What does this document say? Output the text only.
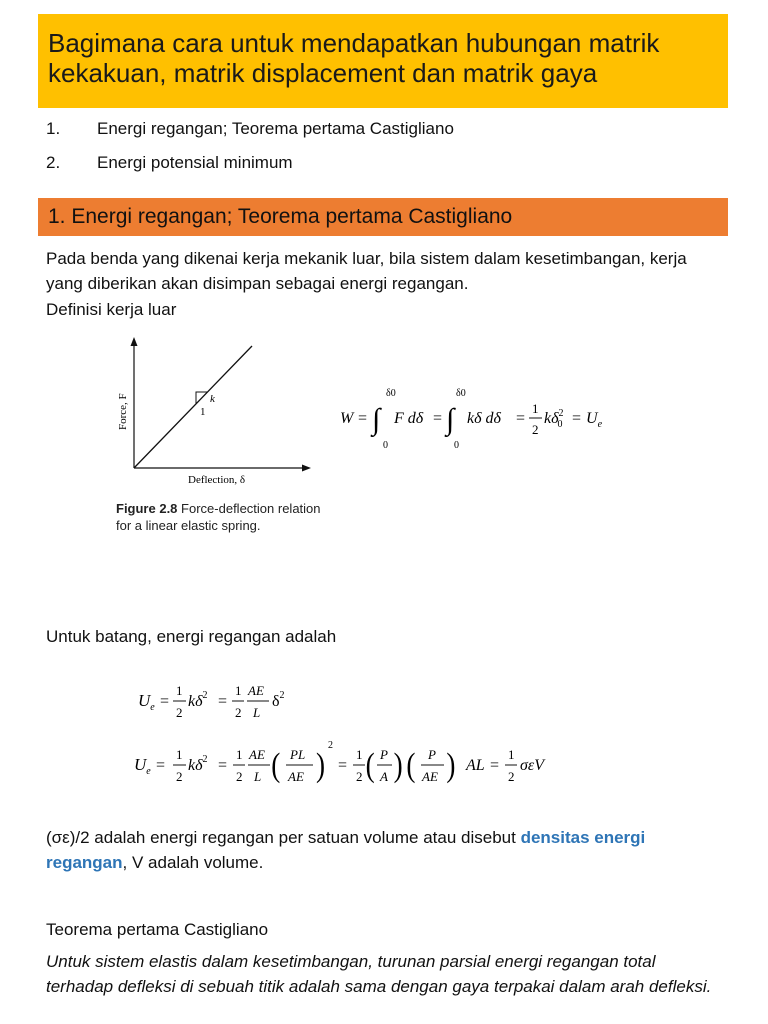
Bagimana cara untuk mendapatkan hubungan matrik kekakuan, matrik displacement dan matrik gaya
1. Energi regangan; Teorema pertama Castigliano
2. Energi potensial minimum
1. Energi regangan; Teorema pertama Castigliano
Pada benda yang dikenai kerja mekanik luar, bila sistem dalam kesetimbangan, kerja yang diberikan akan disimpan sebagai energi regangan.
Definisi kerja luar
k
1
Force, F
Deflection, δ
Figure 2.8 Force-deflection relation for a linear elastic spring.
W = ∫
δ0
0
F dδ = ∫
δ0
0
kδ dδ =
1
2
$k\delta^2$ $0 = U_e$
Untuk batang, energi regangan adalah
$U_e$ =
1
2
$k\delta^2$ =
1
2
AE
L
$\delta^2$
$U_e$ =
1
2
$k\delta^2$ =
1
2
AE
L ( PL
AE )
2
=
1
2 ( P
A ) ( P
AE ) AL =
1
2
σεV
(σε)/2 adalah energi regangan per satuan volume atau disebut densitas energi regangan, V adalah volume.
Teorema pertama Castigliano
Untuk sistem elastis dalam kesetimbangan, turunan parsial energi regangan total terhadap defleksi di sebuah titik adalah sama dengan gaya terpakai dalam arah defleksi.
